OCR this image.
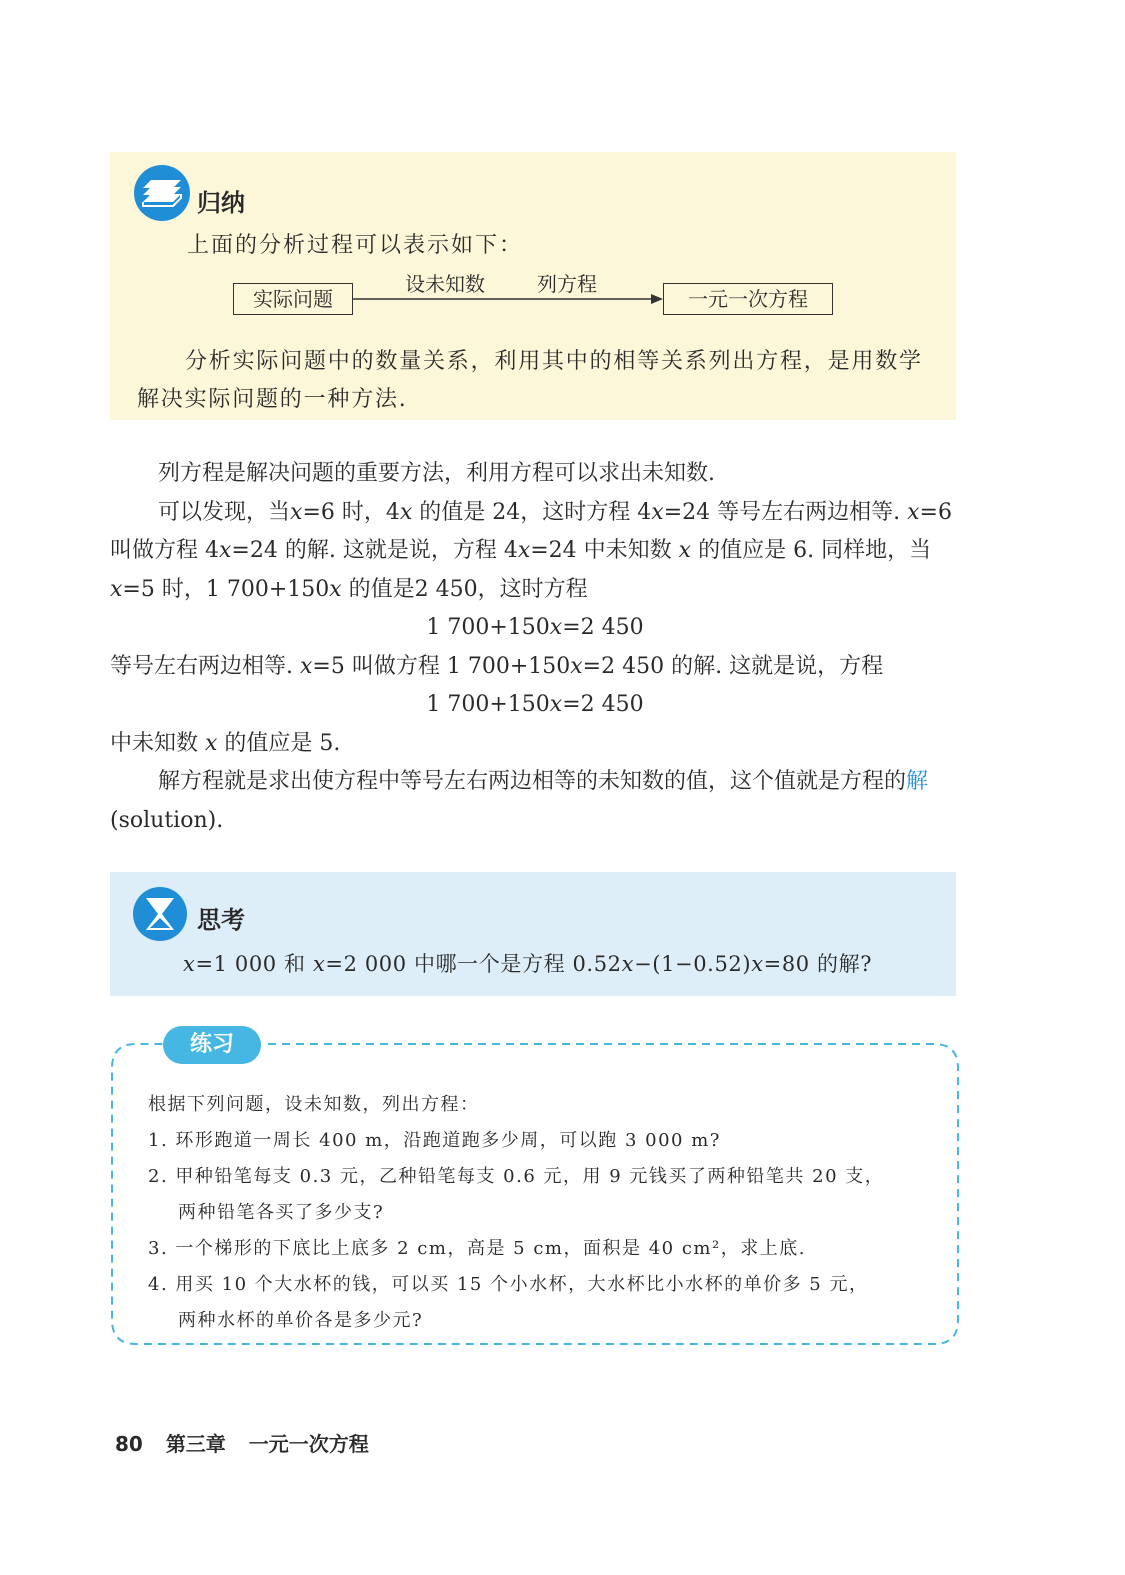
归纳
上面的分析过程可以表示如下：
实际问题
设未知数	列方程
一元一次方程
分析实际问题中的数量关系，利用其中的相等关系列出方程，是用数学解决实际问题的一种方法.

列方程是解决问题的重要方法，利用方程可以求出未知数.

可以发现，当x=6 时，4x 的值是 24，这时方程 4x=24 等号左右两边相等. x=6 叫做方程 4x=24 的解. 这就是说，方程 4x=24 中未知数 x 的值应是 6. 同样地，当 x=5 时，1 700+150x 的值是2 450，这时方程

1 700+150x=2 450

等号左右两边相等. x=5 叫做方程 1 700+150x=2 450 的解. 这就是说，方程

1 700+150x=2 450

中未知数 x 的值应是 5.

解方程就是求出使方程中等号左右两边相等的未知数的值，这个值就是方程的解(solution).

思考
x=1 000 和 x=2 000 中哪一个是方程 0.52x−(1−0.52)x=80 的解?
练习

根据下列问题，设未知数，列出方程：

1. 环形跑道一周长 400 m，沿跑道跑多少周，可以跑 3 000 m?

2. 甲种铅笔每支 0.3 元，乙种铅笔每支 0.6 元，用 9 元钱买了两种铅笔共 20 支，

两种铅笔各买了多少支?

3. 一个梯形的下底比上底多 2 cm，高是 5 cm，面积是 40 cm²，求上底.

4. 用买 10 个大水杯的钱，可以买 15 个小水杯，大水杯比小水杯的单价多 5 元，

两种水杯的单价各是多少元?

80 第三章 一元一次方程
